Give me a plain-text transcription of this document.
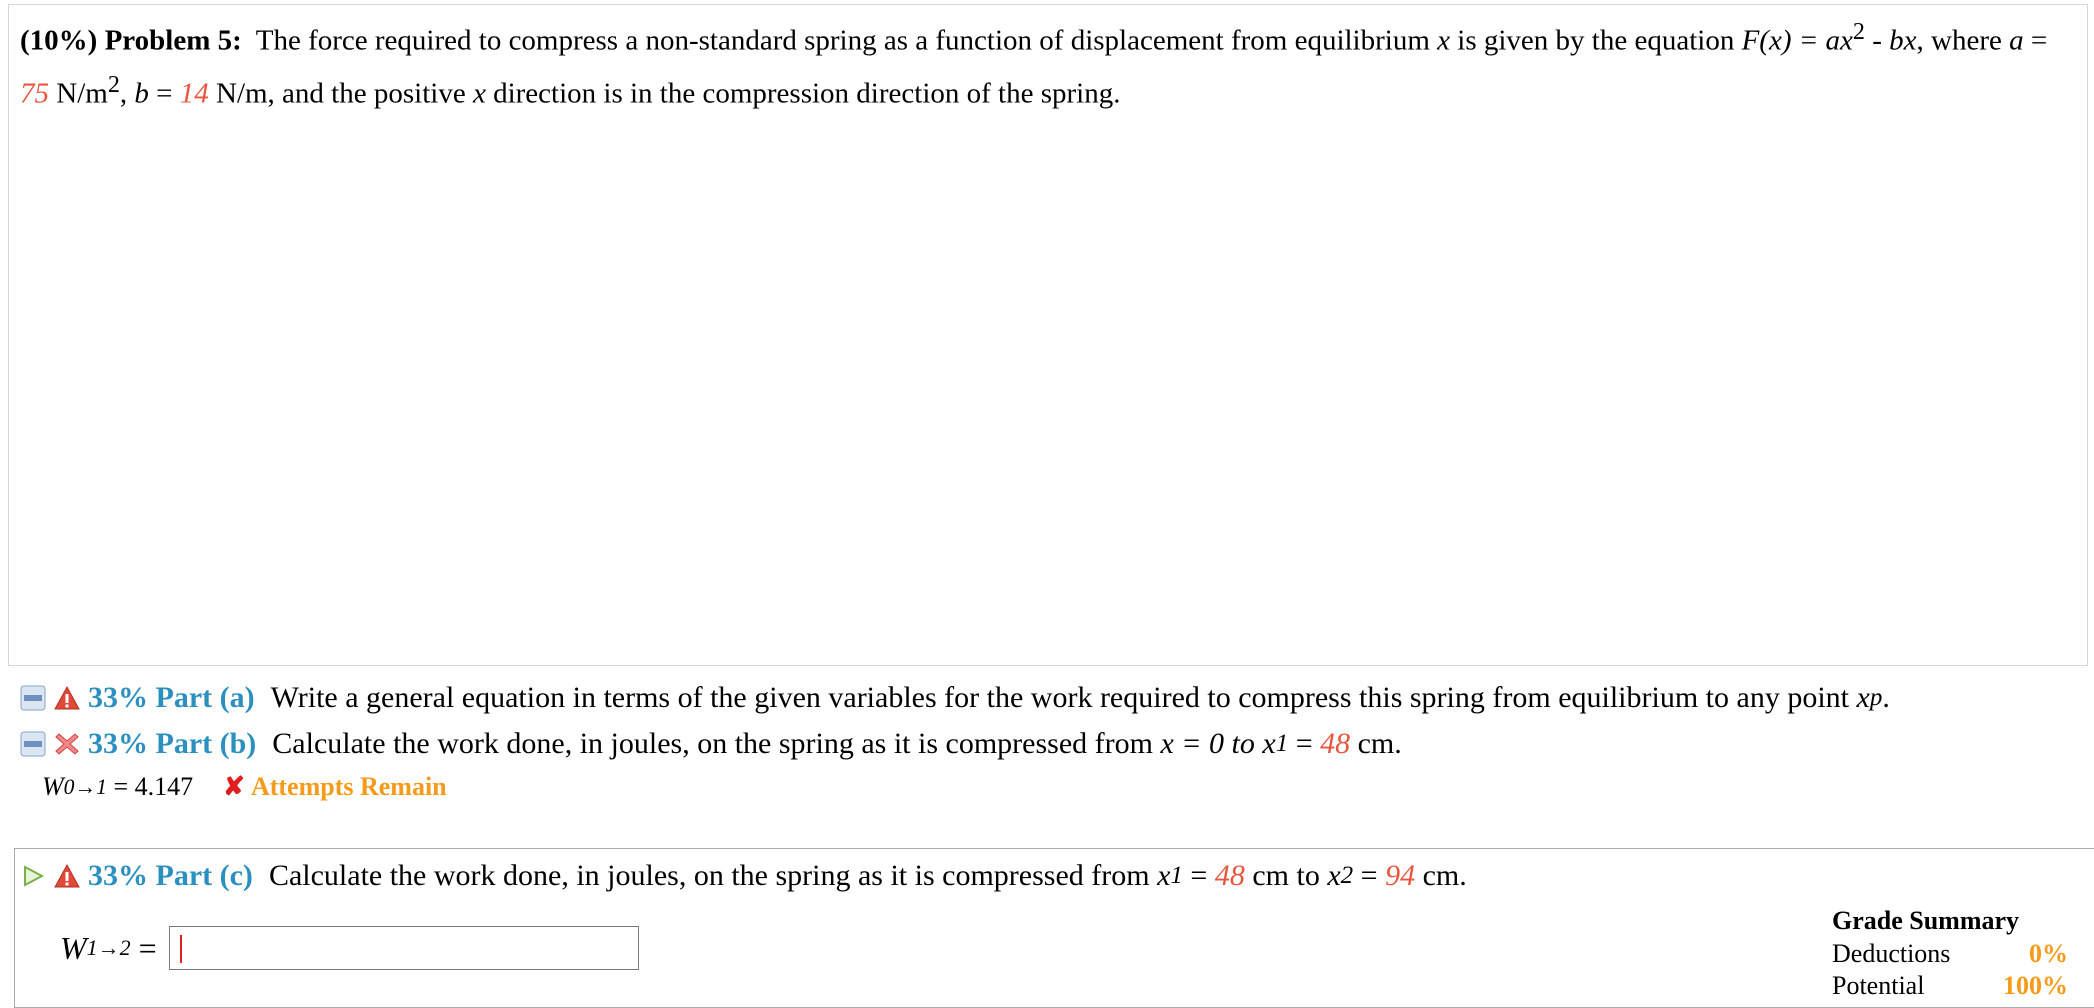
(10%) Problem 5: The force required to compress a non-standard spring as a function of displacement from equilibrium x is given by the equation $F(x) = ax^2$ - bx, where a = 75 $N/m^2$, b = 14 N/m, and the positive x direction is in the compression direction of the spring.
33% Part (a) Write a general equation in terms of the given variables for the work required to compress this spring from equilibrium to any point
x p .
33% Part (b) Calculate the work done, in joules, on the spring as it is compressed from
x = 0 to
x 1 = 48
cm.
W 0→1
= 4.147 ✘ Attempts Remain
33% Part (c) Calculate the work done, in joules, on the spring as it is compressed from
x 1 = 48
cm to
x 2 = 94
cm.
W 1→2
=
Grade Summary
Deductions	0%
Potential	100%
